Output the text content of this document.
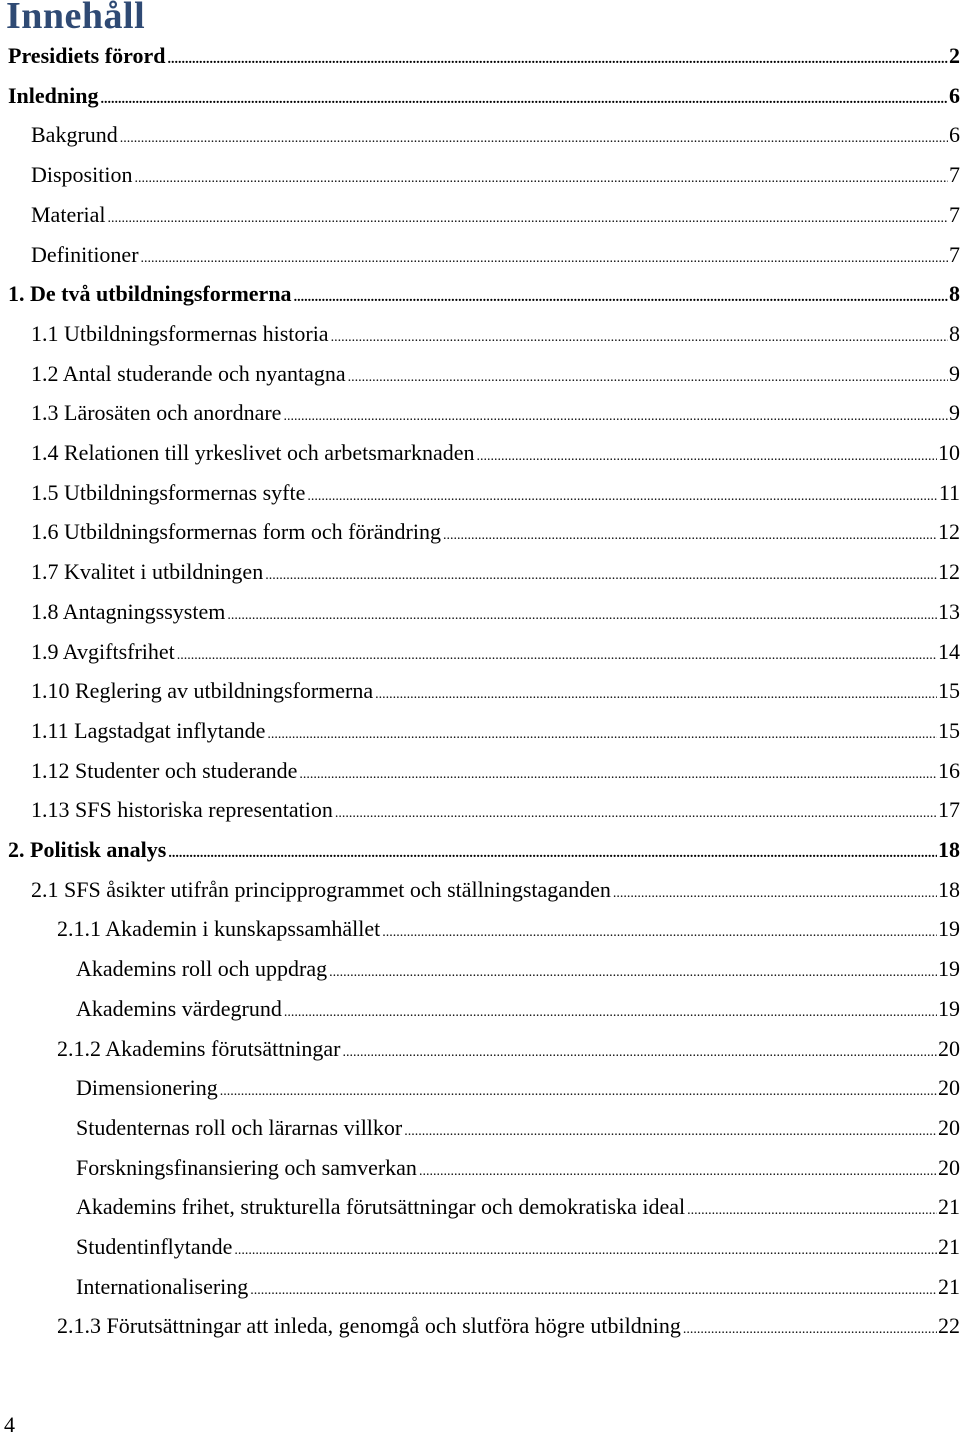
Innehåll
Presidiets förord .....	2
Inledning .....	6
Bakgrund .....	6
Disposition .....	7
Material .....	7
Definitioner .....	7
1. De två utbildningsformerna .....	8
1.1 Utbildningsformernas historia .....	8
1.2 Antal studerande och nyantagna .....	9
1.3 Lärosäten och anordnare .....	9
1.4 Relationen till yrkeslivet och arbetsmarknaden .....	10
1.5 Utbildningsformernas syfte .....	11
1.6 Utbildningsformernas form och förändring .....	12
1.7 Kvalitet i utbildningen .....	12
1.8 Antagningssystem .....	13
1.9 Avgiftsfrihet .....	14
1.10 Reglering av utbildningsformerna .....	15
1.11 Lagstadgat inflytande .....	15
1.12 Studenter och studerande .....	16
1.13 SFS historiska representation .....	17
2. Politisk analys .....	18
2.1 SFS åsikter utifrån principprogrammet och ställningstaganden .....	18
2.1.1 Akademin i kunskapssamhället .....	19
Akademins roll och uppdrag .....	19
Akademins värdegrund .....	19
2.1.2 Akademins förutsättningar .....	20
Dimensionering .....	20
Studenternas roll och lärarnas villkor .....	20
Forskningsfinansiering och samverkan .....	20
Akademins frihet, strukturella förutsättningar och demokratiska ideal .....	21
Studentinflytande .....	21
Internationalisering .....	21
2.1.3 Förutsättningar att inleda, genomgå och slutföra högre utbildning .....	22
4
